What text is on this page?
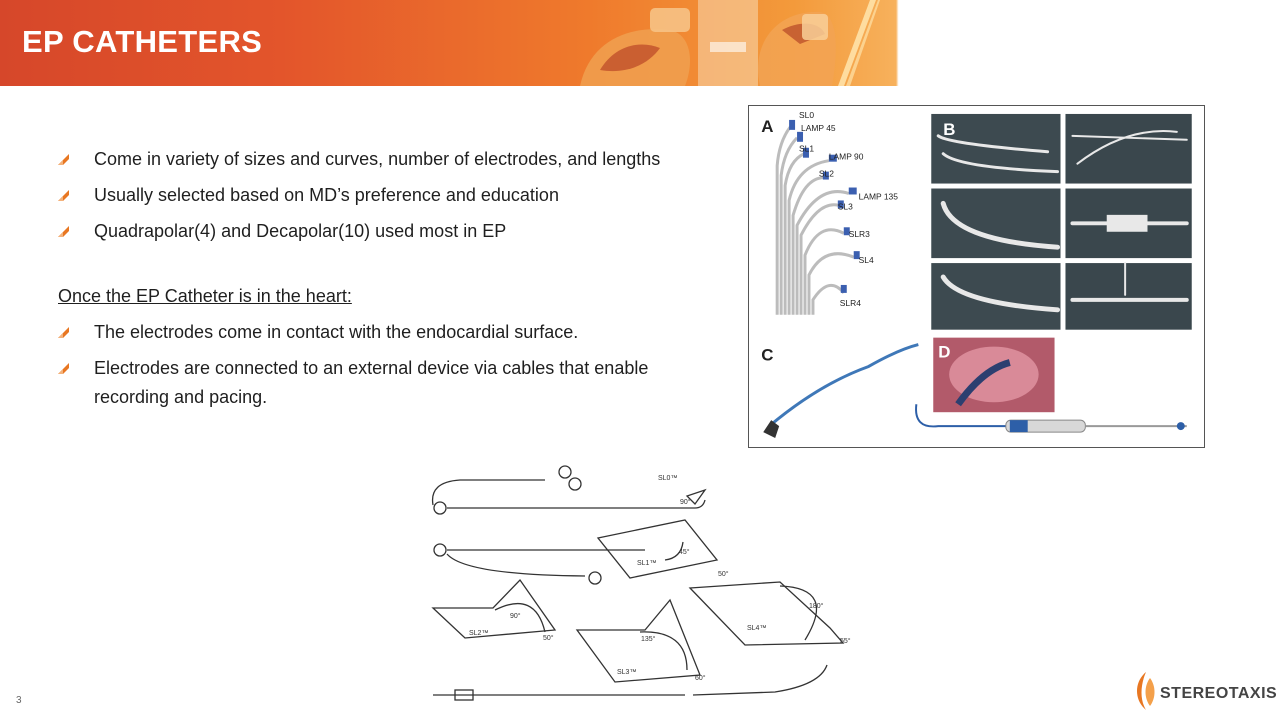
EP CATHETERS
Come in variety of sizes and curves, number of electrodes, and lengths
Usually selected based on MD’s preference and education
Quadrapolar(4) and Decapolar(10) used most in EP
Once the EP Catheter is in the heart:
The electrodes come in contact with the endocardial surface.
Electrodes are connected to an external device via cables that enable recording and pacing.
A
SL0
LAMP 45
SL1
LAMP 90
SL2
LAMP 135
SL3
SLR3
SL4
SLR4
B
C	D
SL0™
SL1™
SL2™
SL3™
SL4™
90°
45°
50°
180°
90°
50°	135°	55°
60°
3	STEREOTAXIS
